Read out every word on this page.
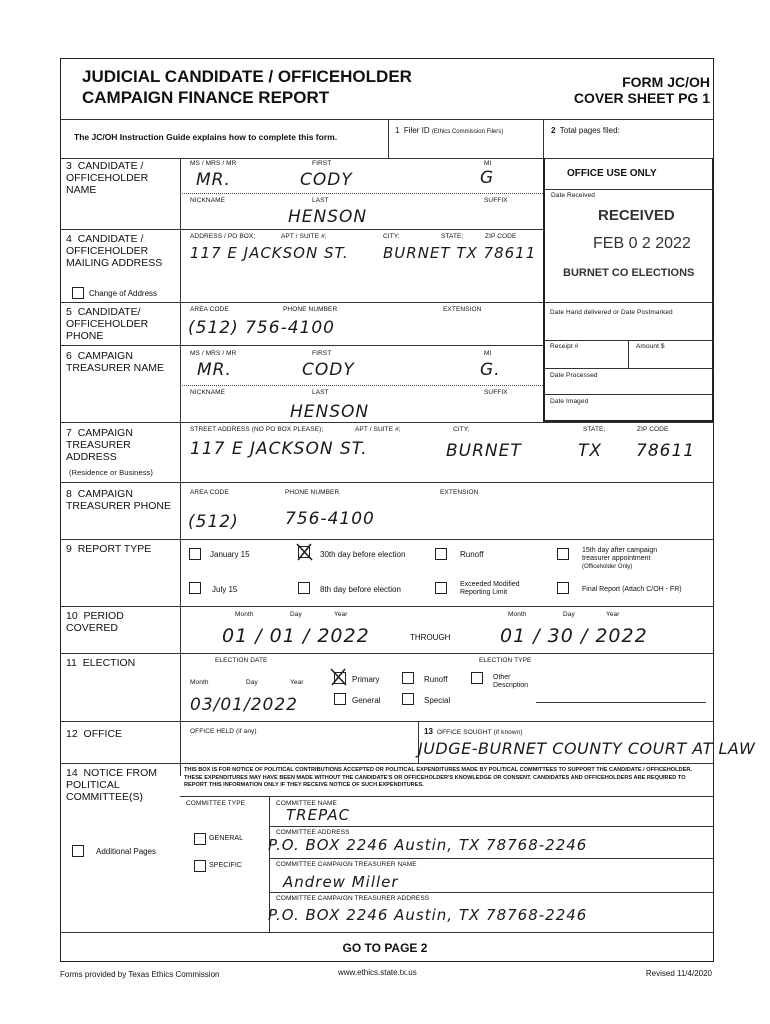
JUDICIAL CANDIDATE / OFFICEHOLDER
CAMPAIGN FINANCE REPORT
FORM JC/OH
COVER SHEET PG 1
The JC/OH Instruction Guide explains how to complete this form.
1 Filer ID (Ethics Commission Filers)	2 Total pages filed:
OFFICE USE ONLY
Date Received
RECEIVED
FEB 0 2 2022
BURNET CO ELECTIONS
Date Hand delivered or Date Postmarked
Receipt #	Amount $
Date Processed
Date Imaged
3 CANDIDATE / OFFICEHOLDER NAME
MS / MRS / MR	FIRST	MI
MR.	CODY	G
NICKNAME	LAST	SUFFIX
HENSON
4 CANDIDATE / OFFICEHOLDER MAILING ADDRESS
ADDRESS / PO BOX;	APT / SUITE #;	CITY;	STATE;	ZIP CODE
117 E JACKSON ST. BURNET TX 78611
Change of Address
5 CANDIDATE/ OFFICEHOLDER PHONE
AREA CODE	PHONE NUMBER	EXTENSION
(512) 756-4100
6 CAMPAIGN TREASURER NAME
MS / MRS / MR	FIRST	MI
MR.	CODY	G.
NICKNAME	LAST	SUFFIX
HENSON
7 CAMPAIGN TREASURER ADDRESS
(Residence or Business)
STREET ADDRESS (NO PO BOX PLEASE);	APT / SUITE #;	CITY;	STATE;	ZIP CODE
117 E JACKSON ST.	BURNET	TX 78611
8 CAMPAIGN TREASURER PHONE
AREA CODE	PHONE NUMBER	EXTENSION
(512)	756-4100
9 REPORT TYPE	January 15	30th day before election	Runoff	15th day after campaign treasurer appointment
(Officeholder Only)
July 15	8th day before election
Exceeded Modified Reporting Limit	Final Report (Attach C/OH - FR)
10 PERIOD COVERED
Month	Day	Year	Month	Day	Year
01 / 01 / 2022	THROUGH	01 / 30 / 2022
11 ELECTION	ELECTION DATE	ELECTION TYPE
Month	Day	Year
03/01/2022
Primary	Runoff	Other Description
General	Special
12 OFFICE	OFFICE HELD (if any)	13 OFFICE SOUGHT (if known)
JUDGE-BURNET COUNTY COURT AT LAW
14 NOTICE FROM POLITICAL COMMITTEE(S)
THIS BOX IS FOR NOTICE OF POLITICAL CONTRIBUTIONS ACCEPTED OR POLITICAL EXPENDITURES MADE BY POLITICAL COMMITTEES TO SUPPORT THE CANDIDATE / OFFICEHOLDER. THESE EXPENDITURES MAY HAVE BEEN MADE WITHOUT THE CANDIDATE'S OR OFFICEHOLDER'S KNOWLEDGE OR CONSENT. CANDIDATES AND OFFICEHOLDERS ARE REQUIRED TO REPORT THIS INFORMATION ONLY IF THEY RECEIVE NOTICE OF SUCH EXPENDITURES.
COMMITTEE TYPE	COMMITTEE NAME
TREPAC
GENERAL
COMMITTEE ADDRESS
P.O. BOX 2246 Austin, TX 78768-2246
SPECIFIC	COMMITTEE CAMPAIGN TREASURER NAME
Andrew Miller
COMMITTEE CAMPAIGN TREASURER ADDRESS
P.O. BOX 2246 Austin, TX 78768-2246
Additional Pages
GO TO PAGE 2
Forms provided by Texas Ethics Commission	www.ethics.state.tx.us	Revised 11/4/2020
